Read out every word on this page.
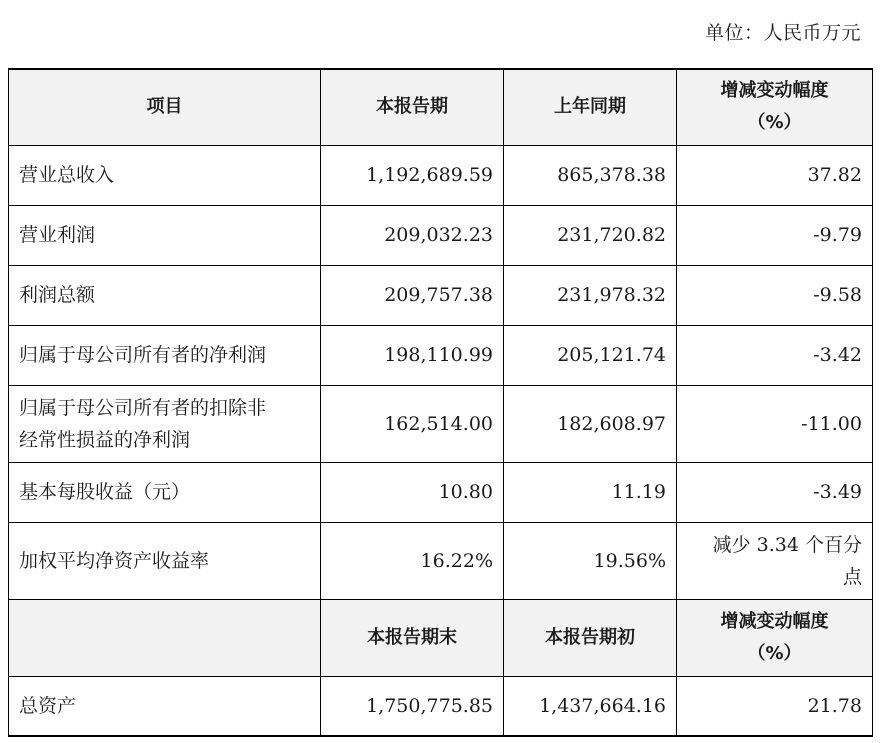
单位：人民币万元
项目	本报告期	上年同期	增减变动幅度
（%）

营业总收入	1,192,689.59	865,378.38	37.82
营业利润	209,032.23	231,720.82	-9.79
利润总额	209,757.38	231,978.32	-9.58
归属于母公司所有者的净利润	198,110.99	205,121.74	-3.42

归属于母公司所有者的扣除非
经常性损益的净利润	162,514.00	182,608.97	-11.00
基本每股收益（元）	10.80	11.19	-3.49
加权平均净资产收益率	16.22%	19.56%	减少 3.34 个百分
点

	本报告期末	本报告期初	增减变动幅度
（%）

总资产	1,750,775.85	1,437,664.16	21.78
